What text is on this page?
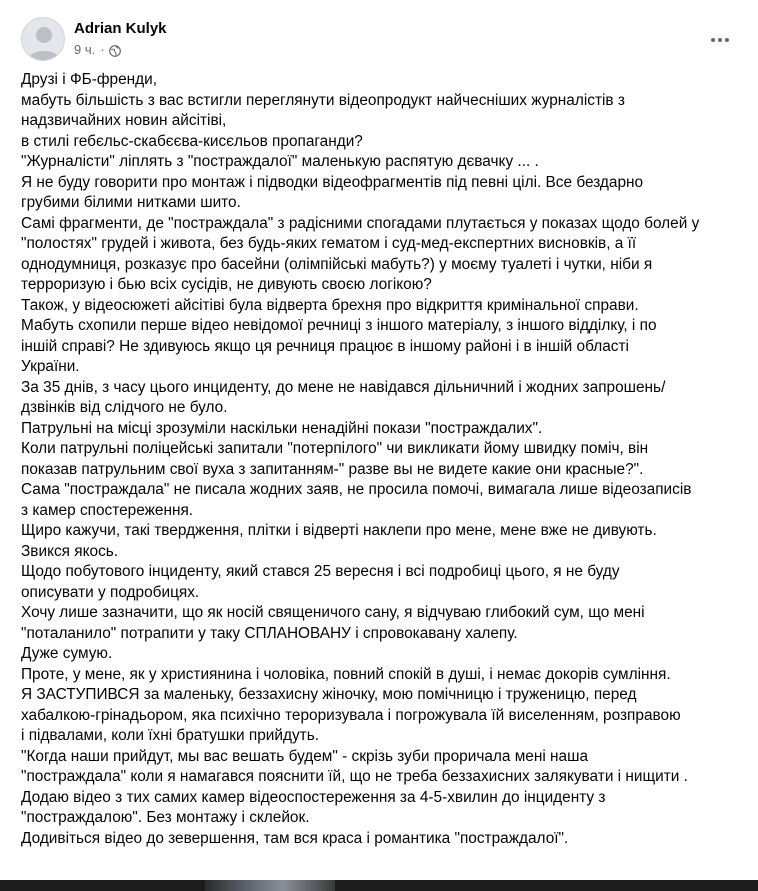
Adrian Kulyk
9 ч. ·
Друзі і ФБ-френди,
мабуть більшість з вас встигли переглянути відеопродукт найчесніших журналістів з
надзвичайних новин айсітіві,
в стилі гебєльс-скабєєва-кисєльов пропаганди?
"Журналісти" ліплять з "постраждалої" маленькую распятую дєвачку ... .
Я не буду говорити про монтаж і підводки відеофрагментів під певні цілі. Все бездарно
грубими білими нитками шито.
Самі фрагменти, де "постраждала" з радісними спогадами плутається у показах щодо болей у
"полостях" грудей і живота, без будь-яких гематом і суд-мед-експертних висновків, а її
однодумниця, розказує про басейни (олімпійські мабуть?) у моєму туалеті і чутки, ніби я
терроризую і бью всіх сусідів, не дивують своєю логікою?
Також, у відеосюжеті айсітіві була відверта брехня про відкриття кримінальної справи.
Мабуть схопили перше відео невідомої речниці з іншого матеріалу, з іншого відділку, і по
іншій справі? Не здивуюсь якщо ця речниця працює в іншому районі і в іншій області
України.
За 35 днів, з часу цього инциденту, до мене не навідався дільничний і жодних запрошень/
дзвінків від слідчого не було.
Патрульні на місці зрозуміли наскільки ненадійні покази "постраждалих".
Коли патрульні поліцейські запитали "потерпілого" чи викликати йому швидку поміч, він
показав патрульним свої вуха з запитанням-" разве вы не видете какие они красные?".
Сама "постраждала" не писала жодних заяв, не просила помочі, вимагала лише відеозаписів
з камер спостереження.
Щиро кажучи, такі твердження, плітки і відверті наклепи про мене, мене вже не дивують.
Звикся якось.
Щодо побутового інциденту, який стався 25 вересня і всі подробиці цього, я не буду
описувати у подробицях.
Хочу лише зазначити, що як носій священичого сану, я відчуваю глибокий сум, що мені
"поталанило" потрапити у таку СПЛАНОВАНУ і спровокавану халепу.
Дуже сумую.
Проте, у мене, як у християнина і чоловіка, повний спокій в душі, і немає докорів сумління.
Я ЗАСТУПИВСЯ за маленьку, беззахисну жіночку, мою помічницю і труженицю, перед
хабалкою-грінадьором, яка психічно тероризувала і погрожувала їй виселенням, розправою
і підвалами, коли їхні братушки прийдуть.
"Когда наши прийдут, мы вас вешать будем" - скрізь зуби проричала мені наша
"постраждала" коли я намагався пояснити їй, що не треба беззахисних залякувати і нищити .
Додаю відео з тих самих камер відеоспостереження за 4-5-хвилин до інциденту з
"постраждалою". Без монтажу і склейок.
Додивіться відео до зевершення, там вся краса і романтика "постраждалої".
